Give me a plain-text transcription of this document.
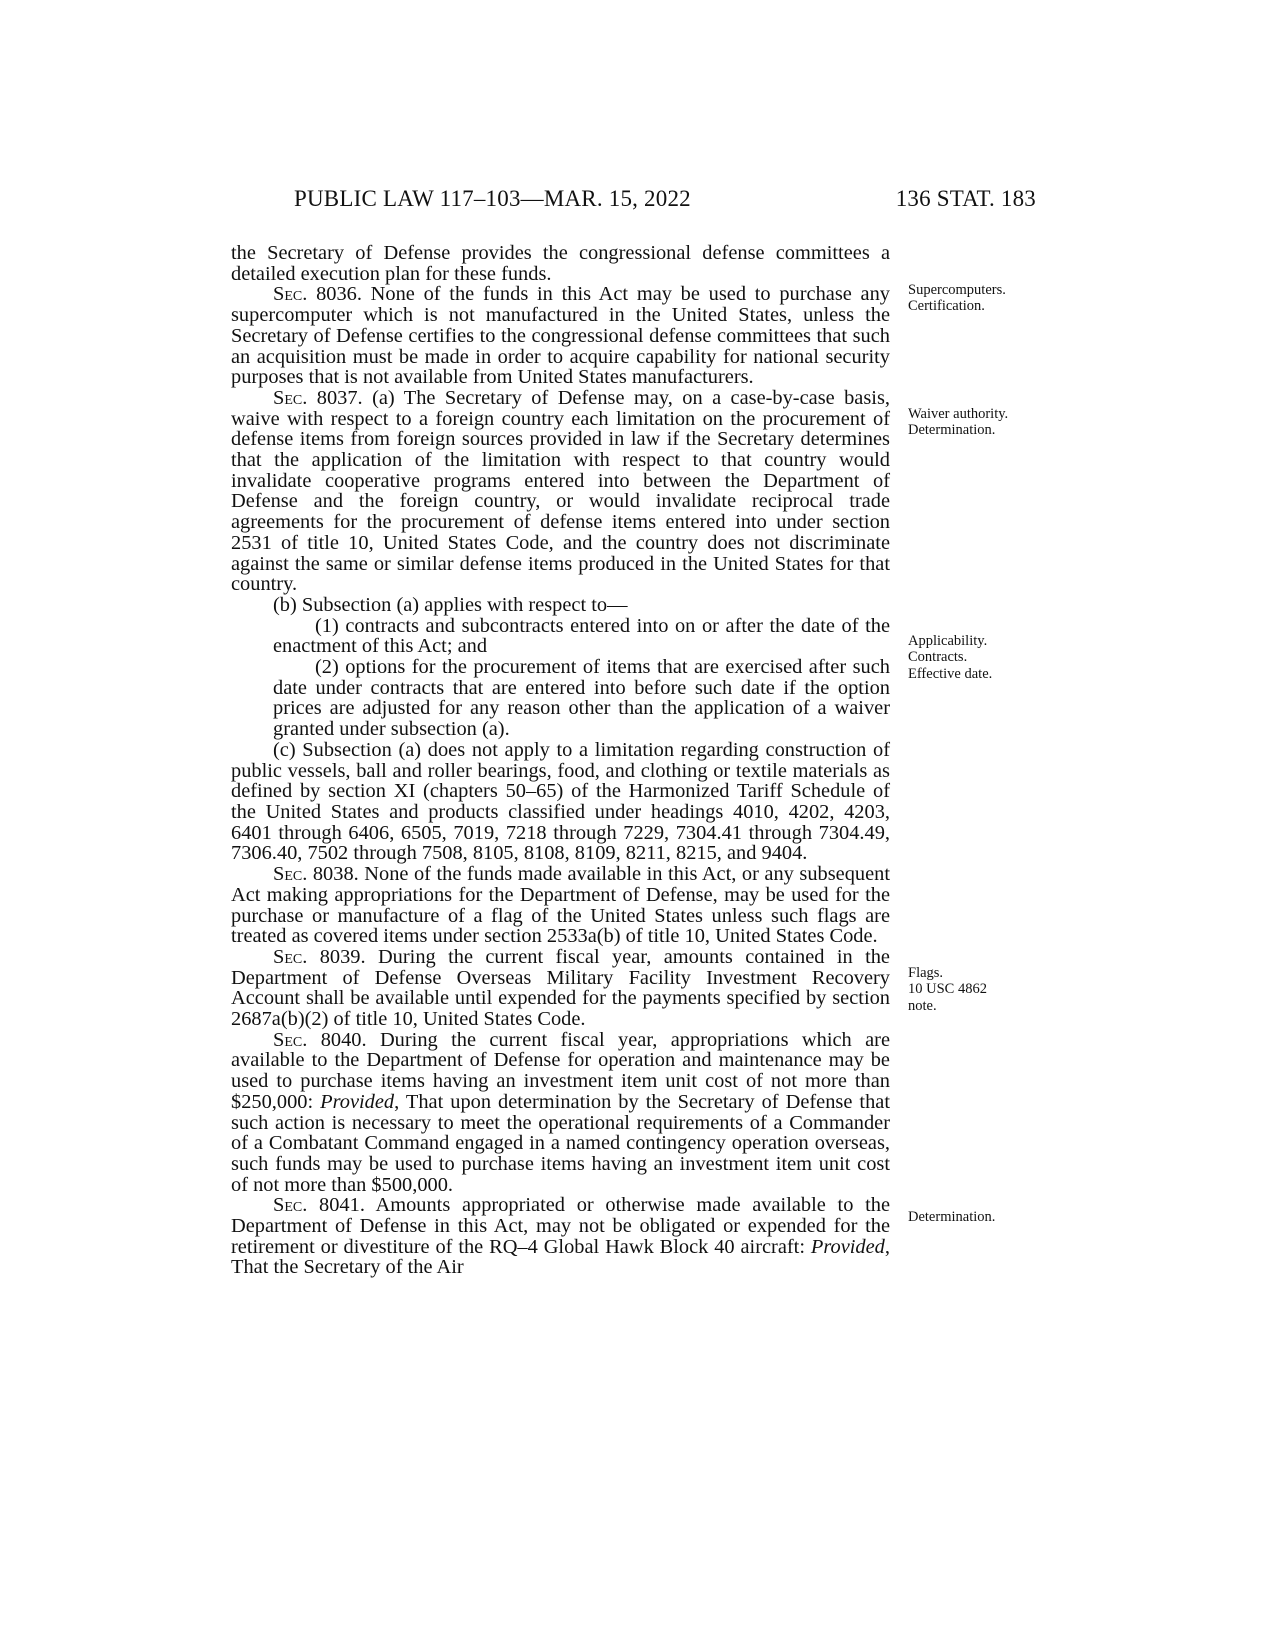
PUBLIC LAW 117–103—MAR. 15, 2022	136 STAT. 183

the Secretary of Defense provides the congressional defense committees a detailed execution plan for these funds.

Sec. 8036. None of the funds in this Act may be used to purchase any supercomputer which is not manufactured in the United States, unless the Secretary of Defense certifies to the congressional defense committees that such an acquisition must be made in order to acquire capability for national security purposes that is not available from United States manufacturers.

Sec. 8037. (a) The Secretary of Defense may, on a case-by-case basis, waive with respect to a foreign country each limitation on the procurement of defense items from foreign sources provided in law if the Secretary determines that the application of the limitation with respect to that country would invalidate cooperative programs entered into between the Department of Defense and the foreign country, or would invalidate reciprocal trade agreements for the procurement of defense items entered into under section 2531 of title 10, United States Code, and the country does not discriminate against the same or similar defense items produced in the United States for that country.

(b) Subsection (a) applies with respect to—

(1) contracts and subcontracts entered into on or after the date of the enactment of this Act; and

(2) options for the procurement of items that are exercised after such date under contracts that are entered into before such date if the option prices are adjusted for any reason other than the application of a waiver granted under subsection (a).

(c) Subsection (a) does not apply to a limitation regarding construction of public vessels, ball and roller bearings, food, and clothing or textile materials as defined by section XI (chapters 50–65) of the Harmonized Tariff Schedule of the United States and products classified under headings 4010, 4202, 4203, 6401 through 6406, 6505, 7019, 7218 through 7229, 7304.41 through 7304.49, 7306.40, 7502 through 7508, 8105, 8108, 8109, 8211, 8215, and 9404.

Sec. 8038. None of the funds made available in this Act, or any subsequent Act making appropriations for the Department of Defense, may be used for the purchase or manufacture of a flag of the United States unless such flags are treated as covered items under section 2533a(b) of title 10, United States Code.

Sec. 8039. During the current fiscal year, amounts contained in the Department of Defense Overseas Military Facility Investment Recovery Account shall be available until expended for the payments specified by section 2687a(b)(2) of title 10, United States Code.

Sec. 8040. During the current fiscal year, appropriations which are available to the Department of Defense for operation and maintenance may be used to purchase items having an investment item unit cost of not more than $250,000: Provided, That upon determination by the Secretary of Defense that such action is necessary to meet the operational requirements of a Commander of a Combatant Command engaged in a named contingency operation overseas, such funds may be used to purchase items having an investment item unit cost of not more than $500,000.

Sec. 8041. Amounts appropriated or otherwise made available to the Department of Defense in this Act, may not be obligated or expended for the retirement or divestiture of the RQ–4 Global Hawk Block 40 aircraft: Provided, That the Secretary of the Air

Supercomputers.
Certification.
Waiver authority.
Determination.
Applicability.
Contracts.
Effective date.
Flags.
10 USC 4862
note.
Determination.
